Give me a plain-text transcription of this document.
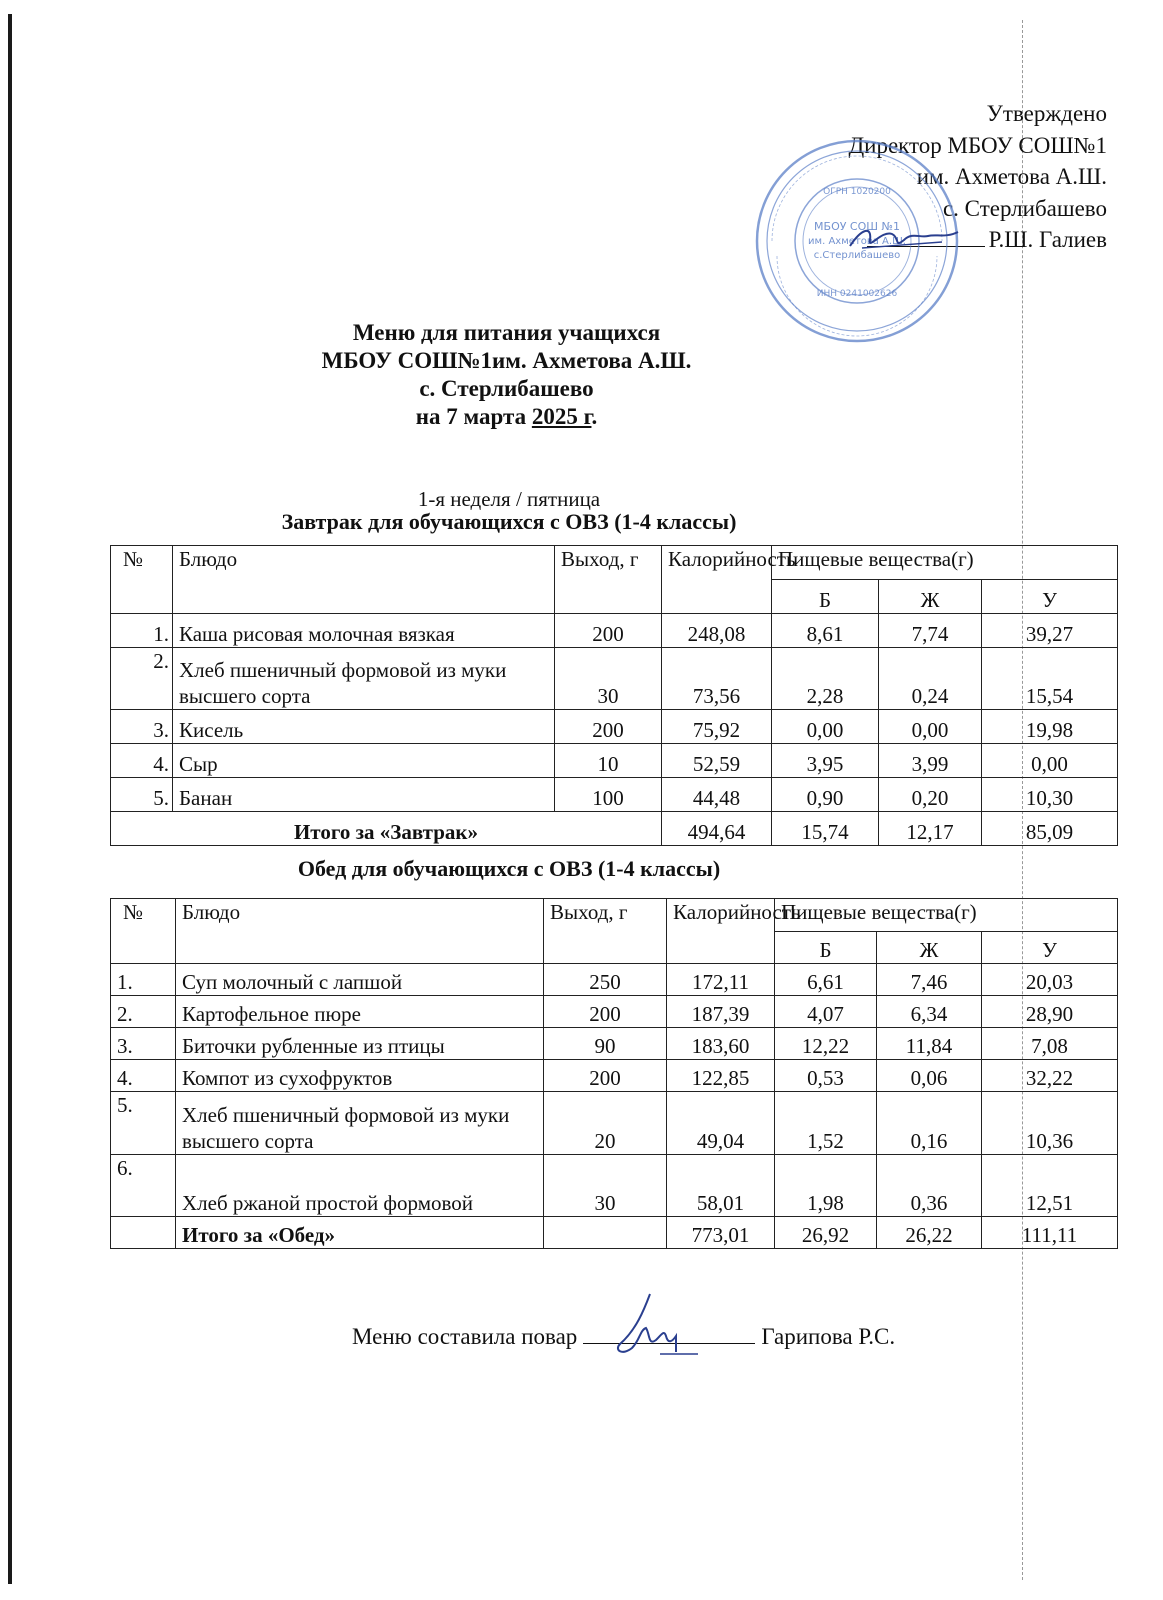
Утверждено
Директор МБОУ СОШ№1
им. Ахметова А.Ш.
с. Стерлибашево
Р.Ш. Галиев
МБОУ СОШ №1
им. Ахметова А.Ш.
с.Стерлибашево
ОГРН 1020200
ИНН 0241002626
Меню для питания учащихся
МБОУ СОШ№1им. Ахметова А.Ш.
с. Стерлибашево
на 7 марта 2025 г.
1-я неделя / пятница
Завтрак для обучающихся с ОВЗ (1-4 классы)
№	Блюдо	Выход, г	Калорийность	Пищевые вещества(г)		
				Б	Ж	У
1.	Каша рисовая молочная вязкая	200	248,08	8,61	7,74	39,27
2.	Хлеб пшеничный формовой из муки высшего сорта	30	73,56	2,28	0,24	15,54
3.	Кисель	200	75,92	0,00	0,00	19,98
4.	Сыр	10	52,59	3,95	3,99	0,00
5.	Банан	100	44,48	0,90	0,20	10,30
Итого за «Завтрак»			494,64	15,74	12,17	85,09
Обед для обучающихся с ОВЗ (1-4 классы)
№	Блюдо	Выход, г	Калорийность	Пищевые вещества(г)		
				Б	Ж	У
1.	Суп молочный с лапшой	250	172,11	6,61	7,46	20,03
2.	Картофельное пюре	200	187,39	4,07	6,34	28,90
3.	Биточки рубленные из птицы	90	183,60	12,22	11,84	7,08
4.	Компот из сухофруктов	200	122,85	0,53	0,06	32,22
5.	Хлеб пшеничный формовой из муки высшего сорта	20	49,04	1,52	0,16	10,36
6.	Хлеб ржаной простой формовой	30	58,01	1,98	0,36	12,51
	Итого за «Обед»		773,01	26,92	26,22	111,11
Меню составила повар	Гарипова Р.С.
